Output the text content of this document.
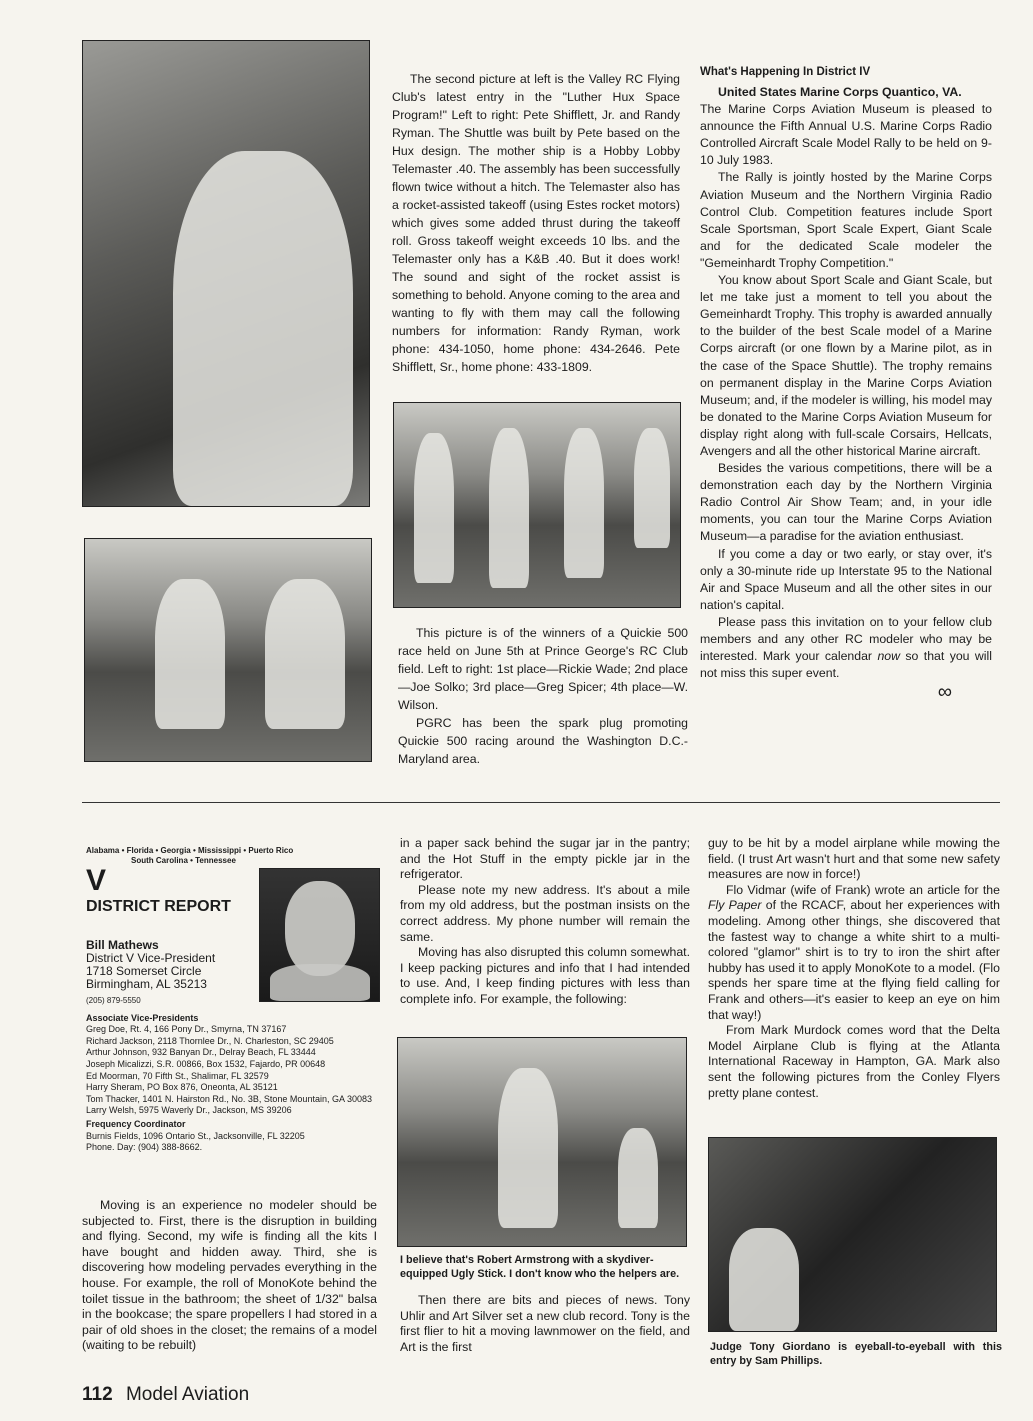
The second picture at left is the Valley RC Flying Club's latest entry in the "Luther Hux Space Program!" Left to right: Pete Shifflett, Jr. and Randy Ryman. The Shuttle was built by Pete based on the Hux design. The mother ship is a Hobby Lobby Telemaster .40. The assembly has been successfully flown twice without a hitch. The Telemaster also has a rocket-assisted takeoff (using Estes rocket motors) which gives some added thrust during the takeoff roll. Gross takeoff weight exceeds 10 lbs. and the Telemaster only has a K&B .40. But it does work! The sound and sight of the rocket assist is something to behold. Anyone coming to the area and wanting to fly with them may call the following numbers for information: Randy Ryman, work phone: 434-1050, home phone: 434-2646. Pete Shifflett, Sr., home phone: 433-1809.

This picture is of the winners of a Quickie 500 race held on June 5th at Prince George's RC Club field. Left to right: 1st place—Rickie Wade; 2nd place—Joe Solko; 3rd place—Greg Spicer; 4th place—W. Wilson.

PGRC has been the spark plug promoting Quickie 500 racing around the Washington D.C.-Maryland area.

What's Happening In District IV

United States Marine Corps Quantico, VA.

The Marine Corps Aviation Museum is pleased to announce the Fifth Annual U.S. Marine Corps Radio Controlled Aircraft Scale Model Rally to be held on 9-10 July 1983.

The Rally is jointly hosted by the Marine Corps Aviation Museum and the Northern Virginia Radio Control Club. Competition features include Sport Scale Sportsman, Sport Scale Expert, Giant Scale and for the dedicated Scale modeler the "Gemeinhardt Trophy Competition."

You know about Sport Scale and Giant Scale, but let me take just a moment to tell you about the Gemeinhardt Trophy. This trophy is awarded annually to the builder of the best Scale model of a Marine Corps aircraft (or one flown by a Marine pilot, as in the case of the Space Shuttle). The trophy remains on permanent display in the Marine Corps Aviation Museum; and, if the modeler is willing, his model may be donated to the Marine Corps Aviation Museum for display right along with full-scale Corsairs, Hellcats, Avengers and all the other historical Marine aircraft.

Besides the various competitions, there will be a demonstration each day by the Northern Virginia Radio Control Air Show Team; and, in your idle moments, you can tour the Marine Corps Aviation Museum—a paradise for the aviation enthusiast.

If you come a day or two early, or stay over, it's only a 30-minute ride up Interstate 95 to the National Air and Space Museum and all the other sites in our nation's capital.

Please pass this invitation on to your fellow club members and any other RC modeler who may be interested. Mark your calendar now so that you will not miss this super event.

∞
Alabama • Florida • Georgia • Mississippi • Puerto Rico
South Carolina • Tennessee
V
DISTRICT REPORT
Bill Mathews
District V Vice-President
1718 Somerset Circle
Birmingham, AL 35213
(205) 879-5550
Associate Vice-Presidents
Greg Doe, Rt. 4, 166 Pony Dr., Smyrna, TN 37167
Richard Jackson, 2118 Thornlee Dr., N. Charleston, SC 29405
Arthur Johnson, 932 Banyan Dr., Delray Beach, FL 33444
Joseph Micalizzi, S.R. 00866, Box 1532, Fajardo, PR 00648
Ed Moorman, 70 Fifth St., Shalimar, FL 32579
Harry Sheram, PO Box 876, Oneonta, AL 35121
Tom Thacker, 1401 N. Hairston Rd., No. 3B, Stone Mountain, GA 30083
Larry Welsh, 5975 Waverly Dr., Jackson, MS 39206
Frequency Coordinator
Burnis Fields, 1096 Ontario St., Jacksonville, FL 32205
Phone. Day: (904) 388-8662.

Moving is an experience no modeler should be subjected to. First, there is the disruption in building and flying. Second, my wife is finding all the kits I have bought and hidden away. Third, she is discovering how modeling pervades everything in the house. For example, the roll of MonoKote behind the toilet tissue in the bathroom; the sheet of 1/32" balsa in the bookcase; the spare propellers I had stored in a pair of old shoes in the closet; the remains of a model (waiting to be rebuilt)

in a paper sack behind the sugar jar in the pantry; and the Hot Stuff in the empty pickle jar in the refrigerator.

Please note my new address. It's about a mile from my old address, but the postman insists on the correct address. My phone number will remain the same.

Moving has also disrupted this column somewhat. I keep packing pictures and info that I had intended to use. And, I keep finding pictures with less than complete info. For example, the following:

I believe that's Robert Armstrong with a skydiver-equipped Ugly Stick. I don't know who the helpers are.

Then there are bits and pieces of news. Tony Uhlir and Art Silver set a new club record. Tony is the first flier to hit a moving lawnmower on the field, and Art is the first

guy to be hit by a model airplane while mowing the field. (I trust Art wasn't hurt and that some new safety measures are now in force!)

Flo Vidmar (wife of Frank) wrote an article for the Fly Paper of the RCACF, about her experiences with modeling. Among other things, she discovered that the fastest way to change a white shirt to a multi-colored "glamor" shirt is to try to iron the shirt after hubby has used it to apply MonoKote to a model. (Flo spends her spare time at the flying field calling for Frank and others—it's easier to keep an eye on him that way!)

From Mark Murdock comes word that the Delta Model Airplane Club is flying at the Atlanta International Raceway in Hampton, GA. Mark also sent the following pictures from the Conley Flyers pretty plane contest.

Judge Tony Giordano is eyeball-to-eyeball with this entry by Sam Phillips.
112 Model Aviation
